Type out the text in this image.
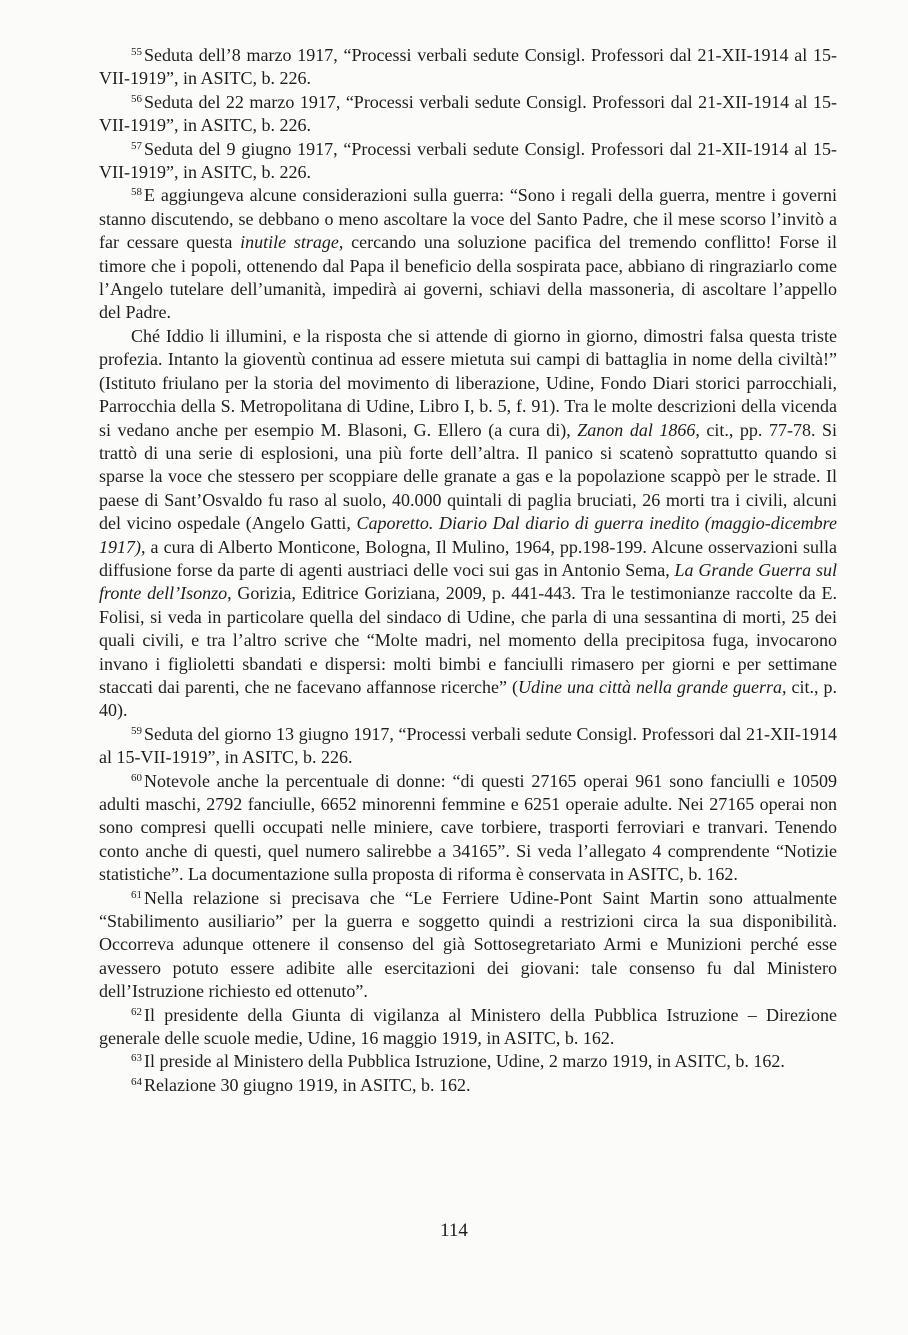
$^{55}$ Seduta dell’8 marzo 1917, “Processi verbali sedute Consigl. Professori dal 21-XII-1914 al 15-VII-1919”, in ASITC, b. 226.

$^{56}$ Seduta del 22 marzo 1917, “Processi verbali sedute Consigl. Professori dal 21-XII-1914 al 15-VII-1919”, in ASITC, b. 226.

$^{57}$ Seduta del 9 giugno 1917, “Processi verbali sedute Consigl. Professori dal 21-XII-1914 al 15-VII-1919”, in ASITC, b. 226.

$^{58}$ E aggiungeva alcune considerazioni sulla guerra: “Sono i regali della guerra, mentre i governi stanno discutendo, se debbano o meno ascoltare la voce del Santo Padre, che il mese scorso l’invitò a far cessare questa inutile strage, cercando una soluzione pacifica del tremendo conflitto! Forse il timore che i popoli, ottenendo dal Papa il beneficio della sospirata pace, abbiano di ringraziarlo come l’Angelo tutelare dell’umanità, impedirà ai governi, schiavi della massoneria, di ascoltare l’appello del Padre.

Ché Iddio li illumini, e la risposta che si attende di giorno in giorno, dimostri falsa questa triste profezia. Intanto la gioventù continua ad essere mietuta sui campi di battaglia in nome della civiltà!” (Istituto friulano per la storia del movimento di liberazione, Udine, Fondo Diari storici parrocchiali, Parrocchia della S. Metropolitana di Udine, Libro I, b. 5, f. 91). Tra le molte descrizioni della vicenda si vedano anche per esempio M. Blasoni, G. Ellero (a cura di), Zanon dal 1866, cit., pp. 77-78. Si trattò di una serie di esplosioni, una più forte dell’altra. Il panico si scatenò soprattutto quando si sparse la voce che stessero per scoppiare delle granate a gas e la popolazione scappò per le strade. Il paese di Sant’Osvaldo fu raso al suolo, 40.000 quintali di paglia bruciati, 26 morti tra i civili, alcuni del vicino ospedale (Angelo Gatti, Caporetto. Diario Dal diario di guerra inedito (maggio-dicembre 1917), a cura di Alberto Monticone, Bologna, Il Mulino, 1964, pp.198-199. Alcune osservazioni sulla diffusione forse da parte di agenti austriaci delle voci sui gas in Antonio Sema, La Grande Guerra sul fronte dell’Isonzo, Gorizia, Editrice Goriziana, 2009, p. 441-443. Tra le testimonianze raccolte da E. Folisi, si veda in particolare quella del sindaco di Udine, che parla di una sessantina di morti, 25 dei quali civili, e tra l’altro scrive che “Molte madri, nel momento della precipitosa fuga, invocarono invano i figlioletti sbandati e dispersi: molti bimbi e fanciulli rimasero per giorni e per settimane staccati dai parenti, che ne facevano affannose ricerche” (Udine una città nella grande guerra, cit., p. 40).

$^{59}$ Seduta del giorno 13 giugno 1917, “Processi verbali sedute Consigl. Professori dal 21-XII-1914 al 15-VII-1919”, in ASITC, b. 226.

$^{60}$ Notevole anche la percentuale di donne: “di questi 27165 operai 961 sono fanciulli e 10509 adulti maschi, 2792 fanciulle, 6652 minorenni femmine e 6251 operaie adulte. Nei 27165 operai non sono compresi quelli occupati nelle miniere, cave torbiere, trasporti ferroviari e tranvari. Tenendo conto anche di questi, quel numero salirebbe a 34165”. Si veda l’allegato 4 comprendente “Notizie statistiche”. La documentazione sulla proposta di riforma è conservata in ASITC, b. 162.

$^{61}$ Nella relazione si precisava che “Le Ferriere Udine-Pont Saint Martin sono attualmente “Stabilimento ausiliario” per la guerra e soggetto quindi a restrizioni circa la sua disponibilità. Occorreva adunque ottenere il consenso del già Sottosegretariato Armi e Munizioni perché esse avessero potuto essere adibite alle esercitazioni dei giovani: tale consenso fu dal Ministero dell’Istruzione richiesto ed ottenuto”.

$^{62}$ Il presidente della Giunta di vigilanza al Ministero della Pubblica Istruzione – Direzione generale delle scuole medie, Udine, 16 maggio 1919, in ASITC, b. 162.

$^{63}$ Il preside al Ministero della Pubblica Istruzione, Udine, 2 marzo 1919, in ASITC, b. 162.

$^{64}$ Relazione 30 giugno 1919, in ASITC, b. 162.

114
